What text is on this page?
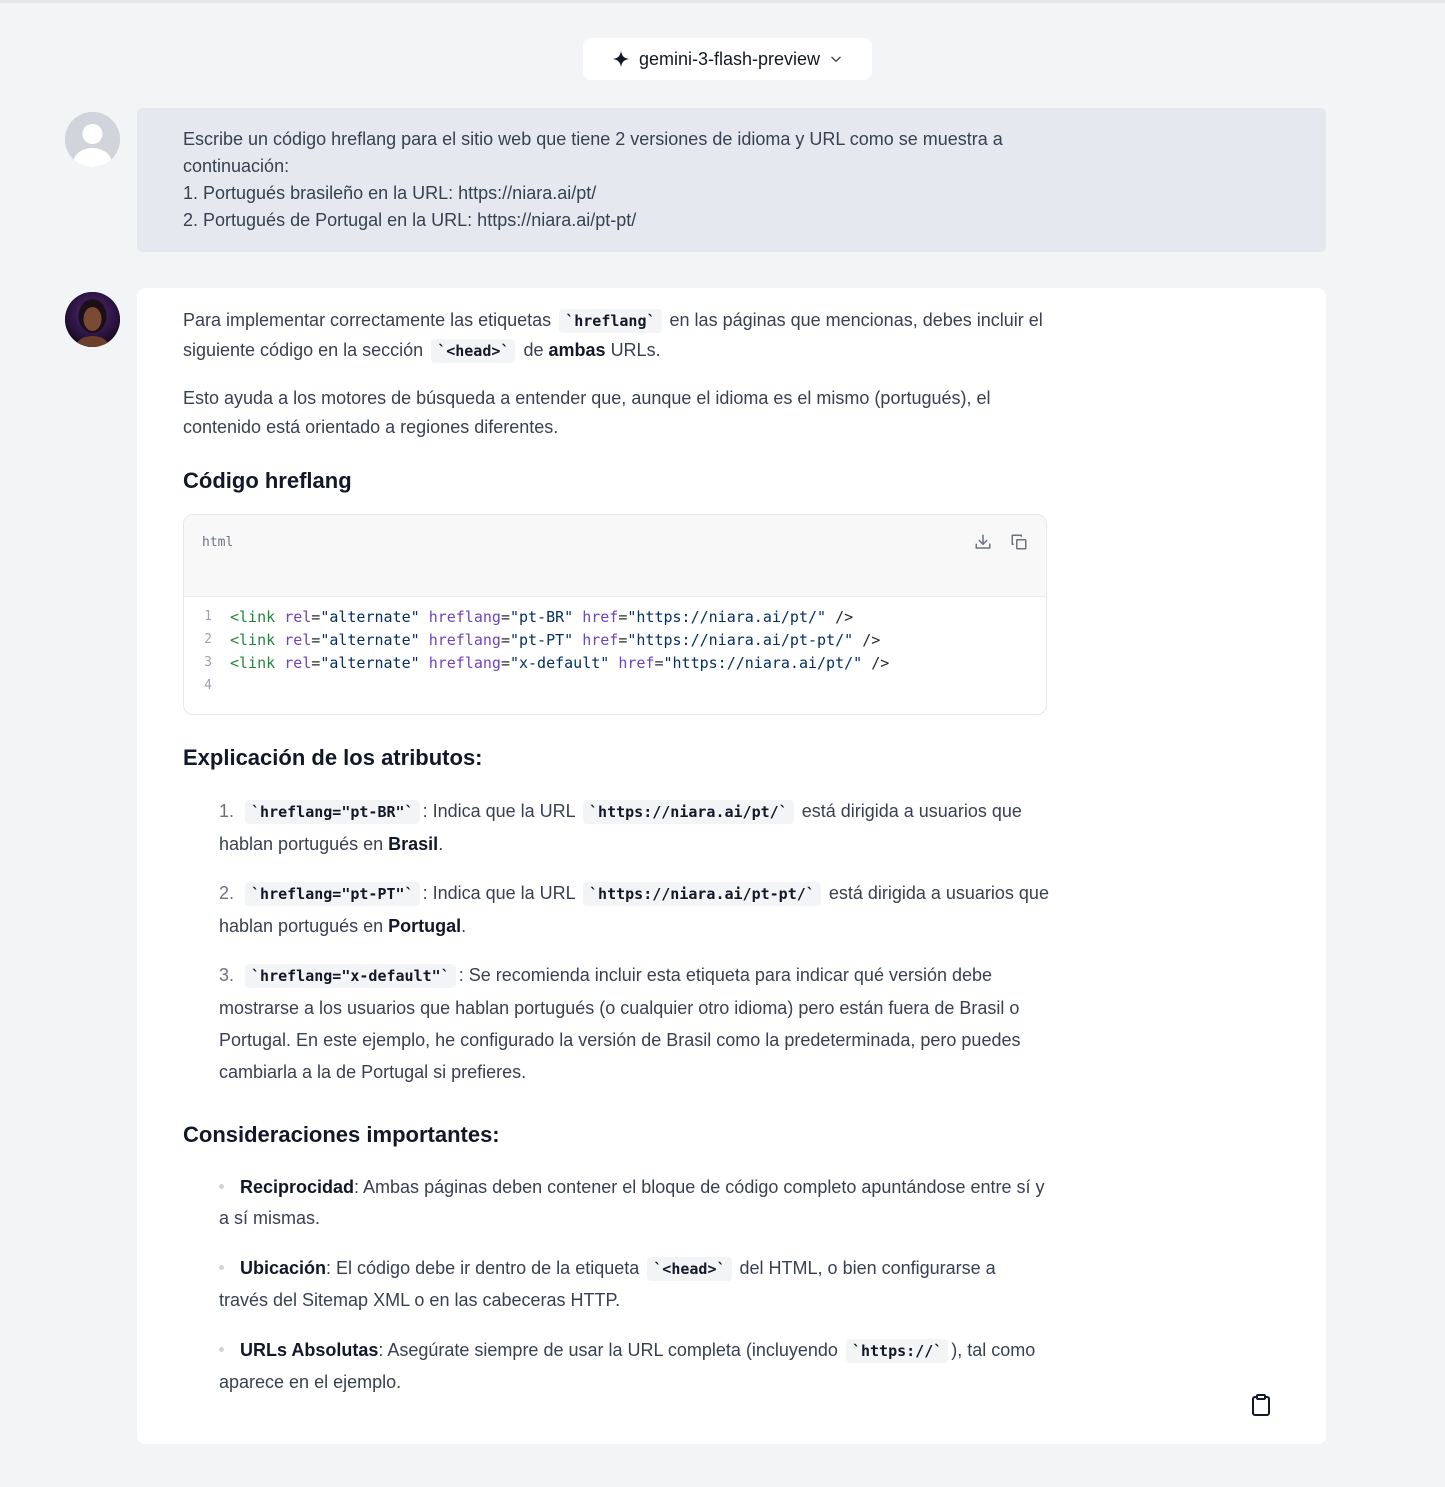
gemini-3-flash-preview

Escribe un código hreflang para el sitio web que tiene 2 versiones de idioma y URL como se muestra a continuación:
1. Portugués brasileño en la URL: https://niara.ai/pt/
2. Portugués de Portugal en la URL: https://niara.ai/pt-pt/

Para implementar correctamente las etiquetas `hreflang` en las páginas que mencionas, debes incluir el siguiente código en la sección `<head>` de ambas URLs.

Esto ayuda a los motores de búsqueda a entender que, aunque el idioma es el mismo (portugués), el contenido está orientado a regiones diferentes.

Código hreflang
html
1	<link
rel = "alternate"
hreflang = "pt-BR"
href = "https://niara.ai/pt/"
/>
2	<link
rel = "alternate"
hreflang = "pt-PT"
href = "https://niara.ai/pt-pt/"
/>
3	<link
rel = "alternate"
hreflang = "x-default"
href = "https://niara.ai/pt/"
/>
4
Explicación de los atributos:
1. `hreflang="pt-BR"` : Indica que la URL `https://niara.ai/pt/` está dirigida a usuarios que hablan portugués en Brasil.
2. `hreflang="pt-PT"` : Indica que la URL `https://niara.ai/pt-pt/` está dirigida a usuarios que hablan portugués en Portugal.
3. `hreflang="x-default"` : Se recomienda incluir esta etiqueta para indicar qué versión debe mostrarse a los usuarios que hablan portugués (o cualquier otro idioma) pero están fuera de Brasil o Portugal. En este ejemplo, he configurado la versión de Brasil como la predeterminada, pero puedes cambiarla a la de Portugal si prefieres.
Consideraciones importantes:
Reciprocidad: Ambas páginas deben contener el bloque de código completo apuntándose entre sí y a sí mismas.
Ubicación: El código debe ir dentro de la etiqueta `<head>` del HTML, o bien configurarse a través del Sitemap XML o en las cabeceras HTTP.
URLs Absolutas: Asegúrate siempre de usar la URL completa (incluyendo `https://` ), tal como aparece en el ejemplo.
